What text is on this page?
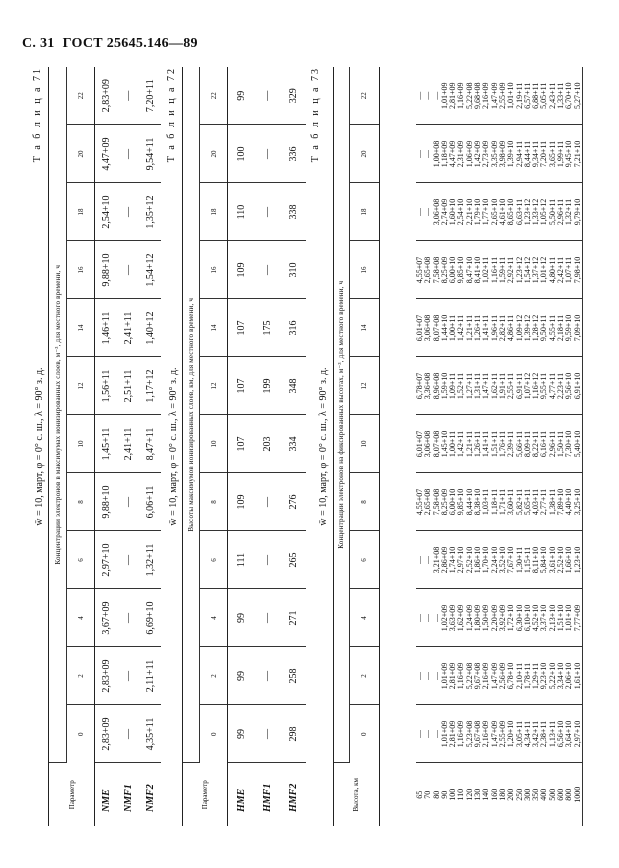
С. 31 ГОСТ 25645.146—89
Т а б л и ц а 71
w̄ = 10, март, φ = 0° с. ш., λ = 90° з. д.
Параметр	Концентрации электронов в максимумах ионизированных слоев, м⁻³, для местного времени, ч											
	0	2	4	6	8	10	12	14	16	18	20	22
NME	2,83+09	2,83+09	3,67+09	2,97+10	9,88+10	1,45+11	1,56+11	1,46+11	9,88+10	2,54+10	4,47+09	2,83+09
NMF1	—	—	—	—	—	2,41+11	2,51+11	2,41+11	—	—	—	—
NMF2	4,35+11	2,11+11	6,69+10	1,32+11	6,06+11	8,47+11	1,17+12	1,40+12	1,54+12	1,35+12	9,54+11	7,20+11 Т а б л и ц а 72
w̄ = 10, март, φ = 0° с. ш., λ = 90° з. д.
Параметр	Высоты максимумов ионизированных слоев, км, для местного времени, ч											
	0	2	4	6	8	10	12	14	16	18	20	22
HME	99	99	99	111	109	107	107	107	109	110	100	99
HMF1	—	—	—	—	—	203	199	175	—	—	—	—
HMF2	298	258	271	265	276	334	348	316	310	338	336	329 Т а б л и ц а 73
w̄ = 10, март, φ = 0° с. ш., λ = 90° з. д.
Высота, км	Концентрации электронов на фиксированных высотах, м⁻³, для местного времени, ч											
	0	2	4	6	8	10	12	14	16	18	20	22

65	—	—	—	—	4,55+07	6,01+07	6,78+07	6,01+07	4,55+07	—	—	—
70	—	—	—	—	2,65+08	3,06+08	3,36+08	3,06+08	2,65+08	—	—	—
80	—	—	—	3,21+08	7,58+08	8,07+08	8,96+08	8,07+08	7,58+08	3,06+08	1,00+08	—
90	1,01+09	1,01+09	1,02+09	2,86+09	8,25+09	1,45+10	1,59+10	1,44+10	8,25+09	2,74+09	1,18+09	1,01+09
100	2,81+09	2,81+09	3,63+09	1,74+10	6,00+10	1,00+11	1,09+11	1,00+11	6,00+10	1,60+10	4,47+09	2,81+09
110	1,16+09	1,16+09	1,62+09	2,97+10	9,85+10	1,42+11	1,52+11	1,42+11	9,85+10	2,54+10	2,31+09	1,16+09
120	5,23+08	5,22+08	1,24+09	2,52+10	8,44+10	1,21+11	1,27+11	1,21+11	8,47+10	2,21+10	1,06+09	5,22+08
130	9,67+08	9,67+08	1,80+09	1,86+10	8,38+10	1,26+11	1,31+11	1,26+11	8,41+10	1,79+10	1,42+09	9,68+08
140	2,16+09	2,16+09	1,50+09	1,70+10	1,03+11	1,41+11	1,47+11	1,41+11	1,02+11	1,77+10	2,73+09	2,16+09
160	1,47+09	1,47+09	2,20+09	2,24+10	1,18+11	1,51+11	1,62+11	1,96+11	1,16+11	2,65+10	3,35+09	1,47+09
180	2,55+09	2,56+09	3,92+09	3,52+10	1,71+11	1,76+11	1,91+11	2,82+11	1,59+11	4,61+10	3,98+09	2,55+09
200	1,20+10	6,78+10	1,72+10	7,67+10	3,60+11	2,39+11	2,55+11	4,86+11	2,92+11	8,65+10	1,39+10	1,01+10
250	3,05+11	2,10+11	6,30+10	1,30+11	5,82+11	5,66+11	6,91+11	1,09+12	1,23+12	6,63+11	2,94+11	2,19+11
300	4,34+11	1,78+11	6,10+10	1,15+11	5,65+11	8,09+11	1,07+12	1,39+12	1,54+12	1,23+12	8,44+11	6,57+11
350	3,42+11	1,29+11	4,52+10	8,11+10	4,03+11	8,22+11	1,16+12	1,28+12	1,37+12	1,33+12	9,34+11	6,88+11
400	2,38+11	9,23+10	3,37+10	5,84+10	2,77+11	6,16+11	9,55+11	9,50+11	1,01+12	1,05+12	7,20+11	5,05+11
500	1,13+11	5,22+10	2,13+10	3,61+10	1,38+11	2,96+11	4,77+11	4,55+11	4,80+11	5,50+11	3,65+11	2,43+11
600	6,56+10	3,34+10	1,51+10	2,52+10	7,89+10	1,50+11	2,23+11	2,18+11	2,42+11	2,96+11	1,99+11	1,33+11
800	3,64+10	2,06+10	1,01+10	1,66+10	4,40+10	7,30+10	9,56+10	9,59+10	1,07+11	1,32+11	9,45+10	6,70+10
1000	2,97+10	1,61+10	7,77+09	1,23+10	3,25+10	5,40+10	6,91+10	7,09+10	7,98+10	9,79+10	7,21+10	5,27+10
